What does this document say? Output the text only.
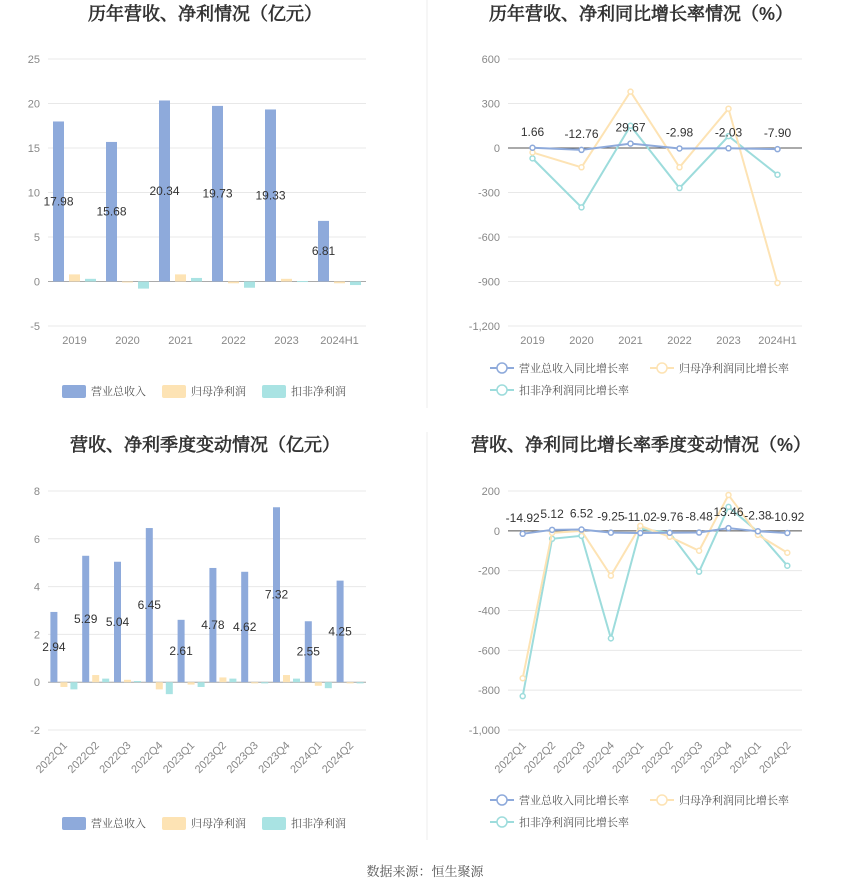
历年营收、净利情况（亿元）
-5
0
5
10
15
20
25
17.98
15.68
20.34 19.73 19.33
6.81
2019	2020	2021	2022	2023 2024H1
营业总收入	归母净利润	扣非净利润
历年营收、净利同比增长率情况（%）
-1,200
-900
-600
-300
0
300
600
1.66 -12.76 29.67 -2.98 -2.03 -7.90
2019 2020 2021 2022 2023 2024H1
营业总收入同比增长率	归母净利润同比增长率
扣非净利润同比增长率
营收、净利季度变动情况（亿元）
-2
0
2
4
6
8
2.94
5.29 5.04
6.45
2.61
4.78 4.62
7.32
2.55
4.25
2022Q1
2022Q2
2022Q3
2022Q4
2023Q1
2023Q2
2023Q3
2023Q4
2024Q1
2024Q2
营业总收入	归母净利润	扣非净利润
营收、净利同比增长率季度变动情况（%）
-1,000
-800
-600
-400
-200
0
200
-14.92 5.12 6.52 -9.25 -11.02 -9.76 -8.48 13.46 -2.38
-10.92
2022Q1
2022Q2
2022Q3
2022Q4
2023Q1
2023Q2
2023Q3
2023Q4
2024Q1
2024Q2
营业总收入同比增长率	归母净利润同比增长率
扣非净利润同比增长率
数据来源：恒生聚源
